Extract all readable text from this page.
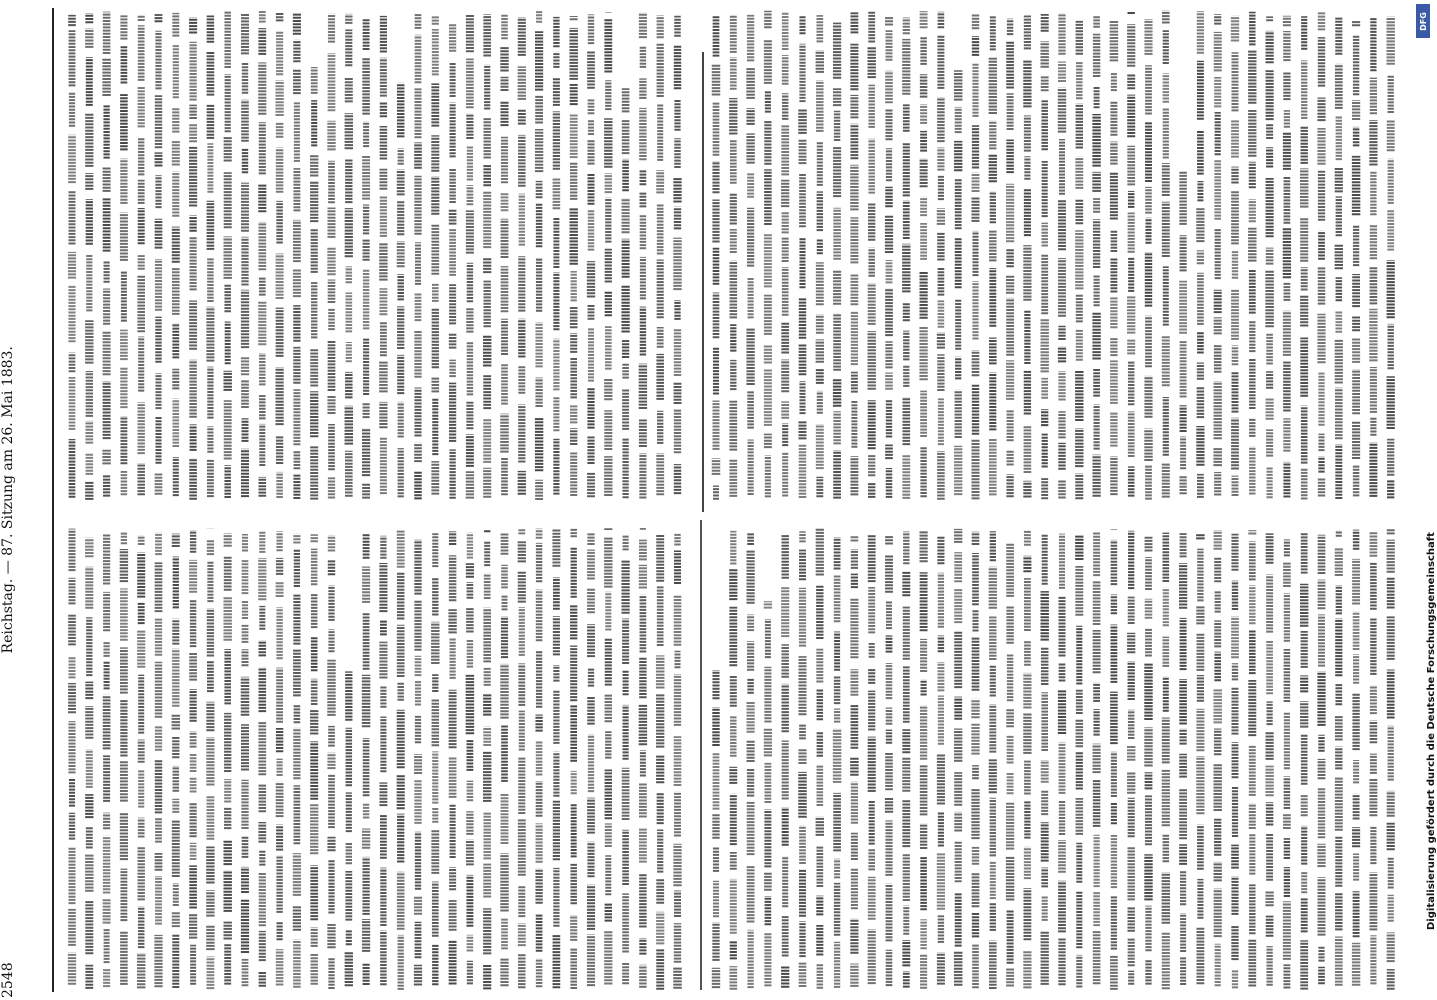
2548  Reichstag. — 87. Sitzung am 26. Mai 1883.
Digitalisierung gefördert durch die Deutsche Forschungsgemeinschaft
DFG
